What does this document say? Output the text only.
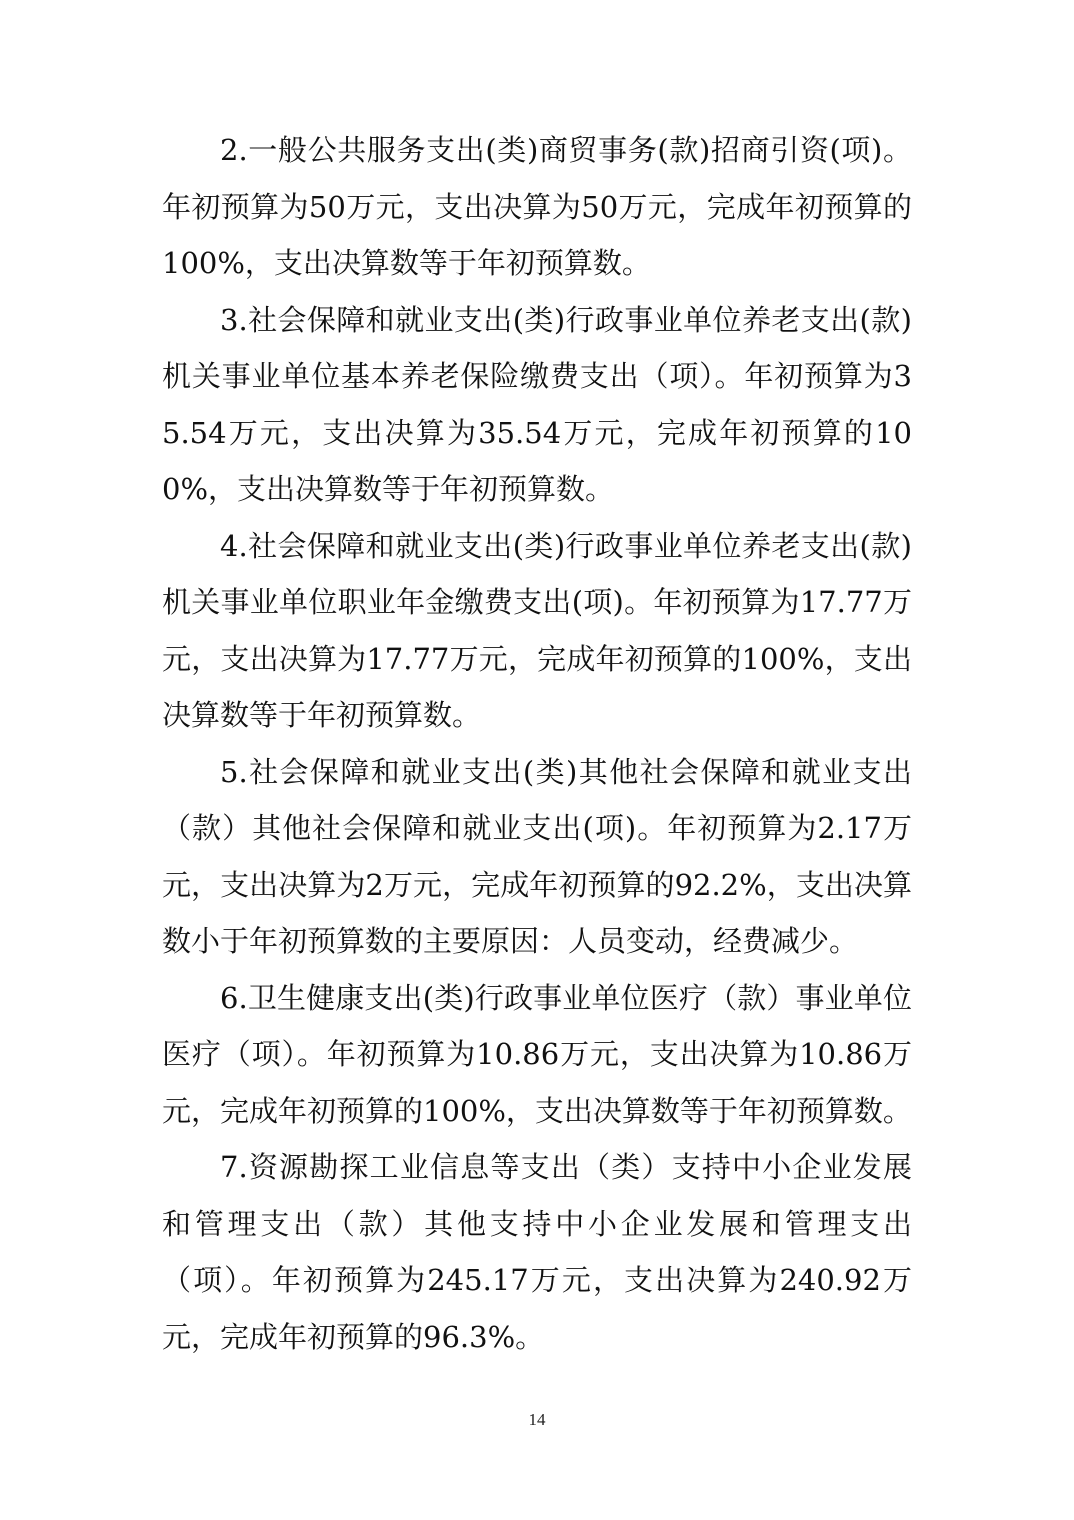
2.一般公共服务支出(类)商贸事务(款)招商引资(项)。年初预算为50万元，支出决算为50万元，完成年初预算的100%，支出决算数等于年初预算数。

3.社会保障和就业支出(类)行政事业单位养老支出(款)机关事业单位基本养老保险缴费支出（项）。年初预算为35.54万元，支出决算为35.54万元，完成年初预算的100%，支出决算数等于年初预算数。

4.社会保障和就业支出(类)行政事业单位养老支出(款)机关事业单位职业年金缴费支出(项)。年初预算为17.77万元，支出决算为17.77万元，完成年初预算的100%，支出决算数等于年初预算数。

5.社会保障和就业支出(类)其他社会保障和就业支出（款）其他社会保障和就业支出(项)。年初预算为2.17万元，支出决算为2万元，完成年初预算的92.2%，支出决算数小于年初预算数的主要原因：人员变动，经费减少。

6.卫生健康支出(类)行政事业单位医疗（款）事业单位医疗（项）。年初预算为10.86万元，支出决算为10.86万元，完成年初预算的100%，支出决算数等于年初预算数。

7.资源勘探工业信息等支出（类）支持中小企业发展和管理支出（款）其他支持中小企业发展和管理支出（项）。年初预算为245.17万元，支出决算为240.92万元，完成年初预算的96.3%。

14
